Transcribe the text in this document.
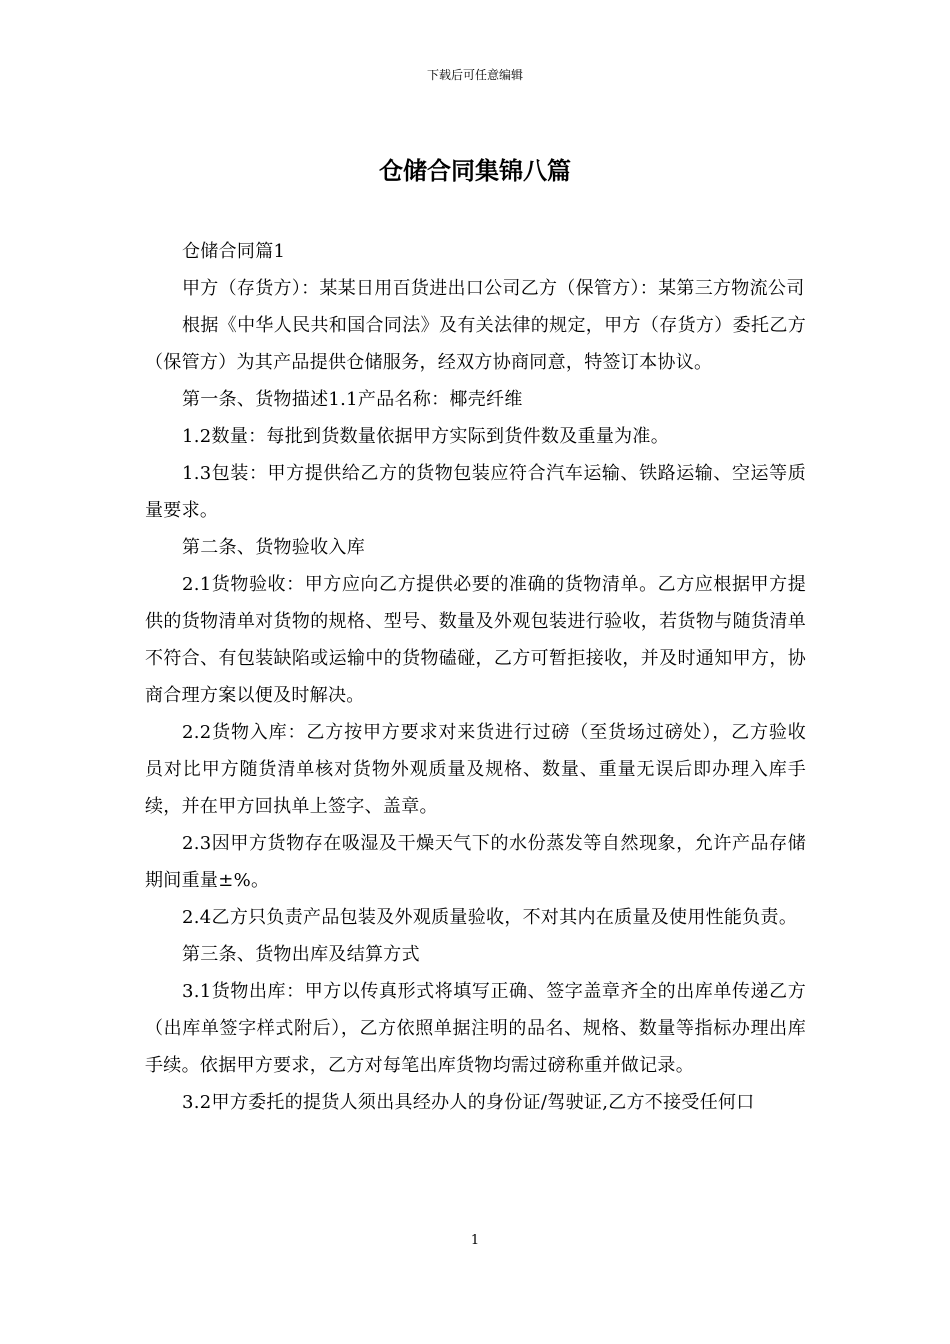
下载后可任意编辑
仓储合同集锦八篇

仓储合同篇1

甲方（存货方）：某某日用百货进出口公司乙方（保管方）：某第三方物流公司

根据《中华人民共和国合同法》及有关法律的规定，甲方（存货方）委托乙方（保管方）为其产品提供仓储服务，经双方协商同意，特签订本协议。

第一条、货物描述1.1产品名称：椰壳纤维

1.2数量：每批到货数量依据甲方实际到货件数及重量为准。

1.3包装：甲方提供给乙方的货物包装应符合汽车运输、铁路运输、空运等质量要求。

第二条、货物验收入库

2.1货物验收：甲方应向乙方提供必要的准确的货物清单。乙方应根据甲方提供的货物清单对货物的规格、型号、数量及外观包装进行验收，若货物与随货清单不符合、有包装缺陷或运输中的货物磕碰，乙方可暂拒接收，并及时通知甲方，协商合理方案以便及时解决。

2.2货物入库：乙方按甲方要求对来货进行过磅（至货场过磅处），乙方验收员对比甲方随货清单核对货物外观质量及规格、数量、重量无误后即办理入库手续，并在甲方回执单上签字、盖章。

2.3因甲方货物存在吸湿及干燥天气下的水份蒸发等自然现象，允许产品存储期间重量±%。

2.4乙方只负责产品包装及外观质量验收，不对其内在质量及使用性能负责。

第三条、货物出库及结算方式

3.1货物出库：甲方以传真形式将填写正确、签字盖章齐全的出库单传递乙方（出库单签字样式附后），乙方依照单据注明的品名、规格、数量等指标办理出库手续。依据甲方要求，乙方对每笔出库货物均需过磅称重并做记录。

3.2甲方委托的提货人须出具经办人的身份证/驾驶证,乙方不接受任何口

1
